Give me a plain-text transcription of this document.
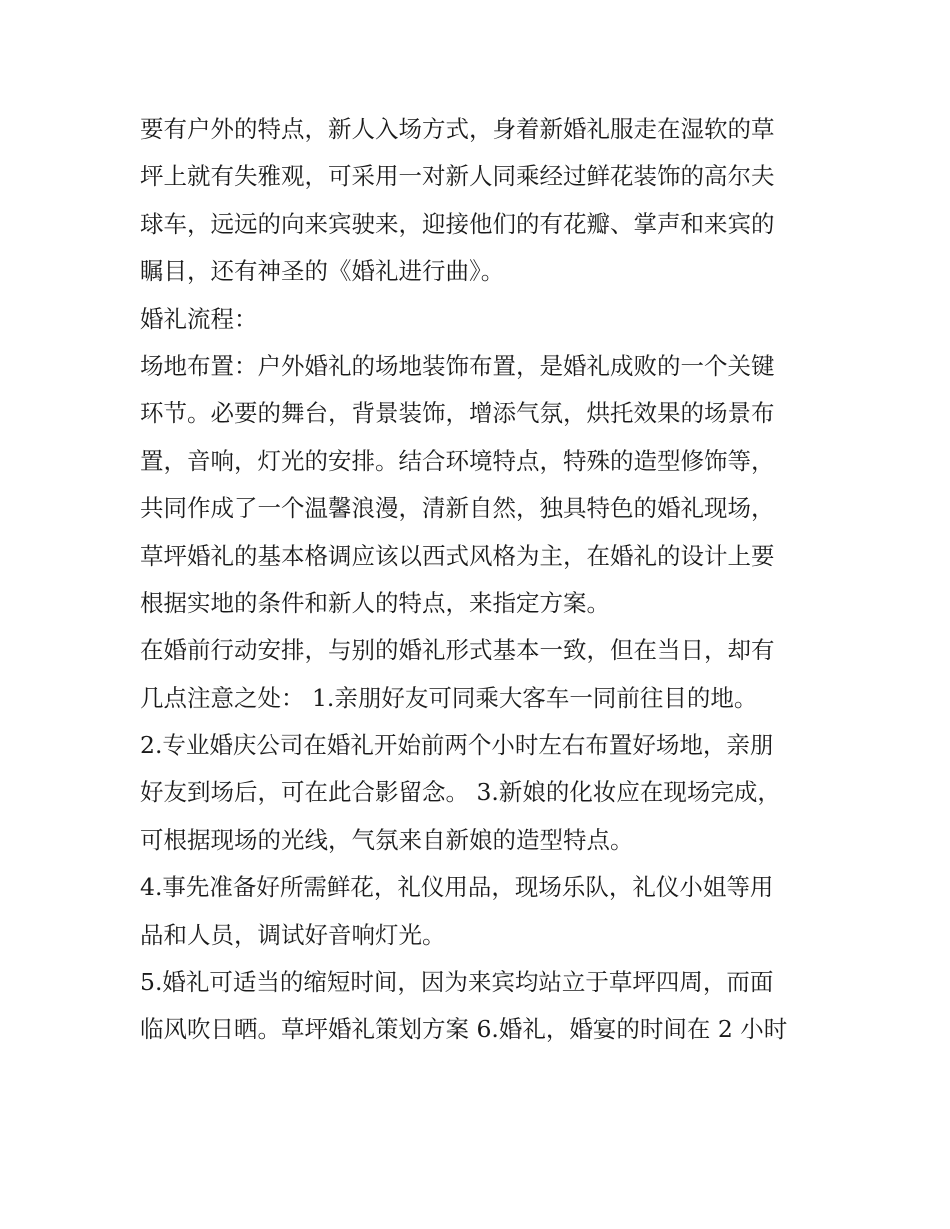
要有户外的特点，新人入场方式，身着新婚礼服走在湿软的草
坪上就有失雅观，可采用一对新人同乘经过鲜花装饰的高尔夫
球车，远远的向来宾驶来，迎接他们的有花瓣、掌声和来宾的
瞩目，还有神圣的《婚礼进行曲》。
婚礼流程：
场地布置：户外婚礼的场地装饰布置，是婚礼成败的一个关键
环节。必要的舞台，背景装饰，增添气氛，烘托效果的场景布
置，音响，灯光的安排。结合环境特点，特殊的造型修饰等，
共同作成了一个温馨浪漫，清新自然，独具特色的婚礼现场，
草坪婚礼的基本格调应该以西式风格为主，在婚礼的设计上要
根据实地的条件和新人的特点，来指定方案。
在婚前行动安排，与别的婚礼形式基本一致，但在当日，却有
几点注意之处： 1.亲朋好友可同乘大客车一同前往目的地。
2.专业婚庆公司在婚礼开始前两个小时左右布置好场地，亲朋
好友到场后，可在此合影留念。 3.新娘的化妆应在现场完成，
可根据现场的光线，气氛来自新娘的造型特点。
4.事先准备好所需鲜花，礼仪用品，现场乐队，礼仪小姐等用
品和人员，调试好音响灯光。
5.婚礼可适当的缩短时间，因为来宾均站立于草坪四周，而面
临风吹日晒。草坪婚礼策划方案 6.婚礼，婚宴的时间在 2 小时
